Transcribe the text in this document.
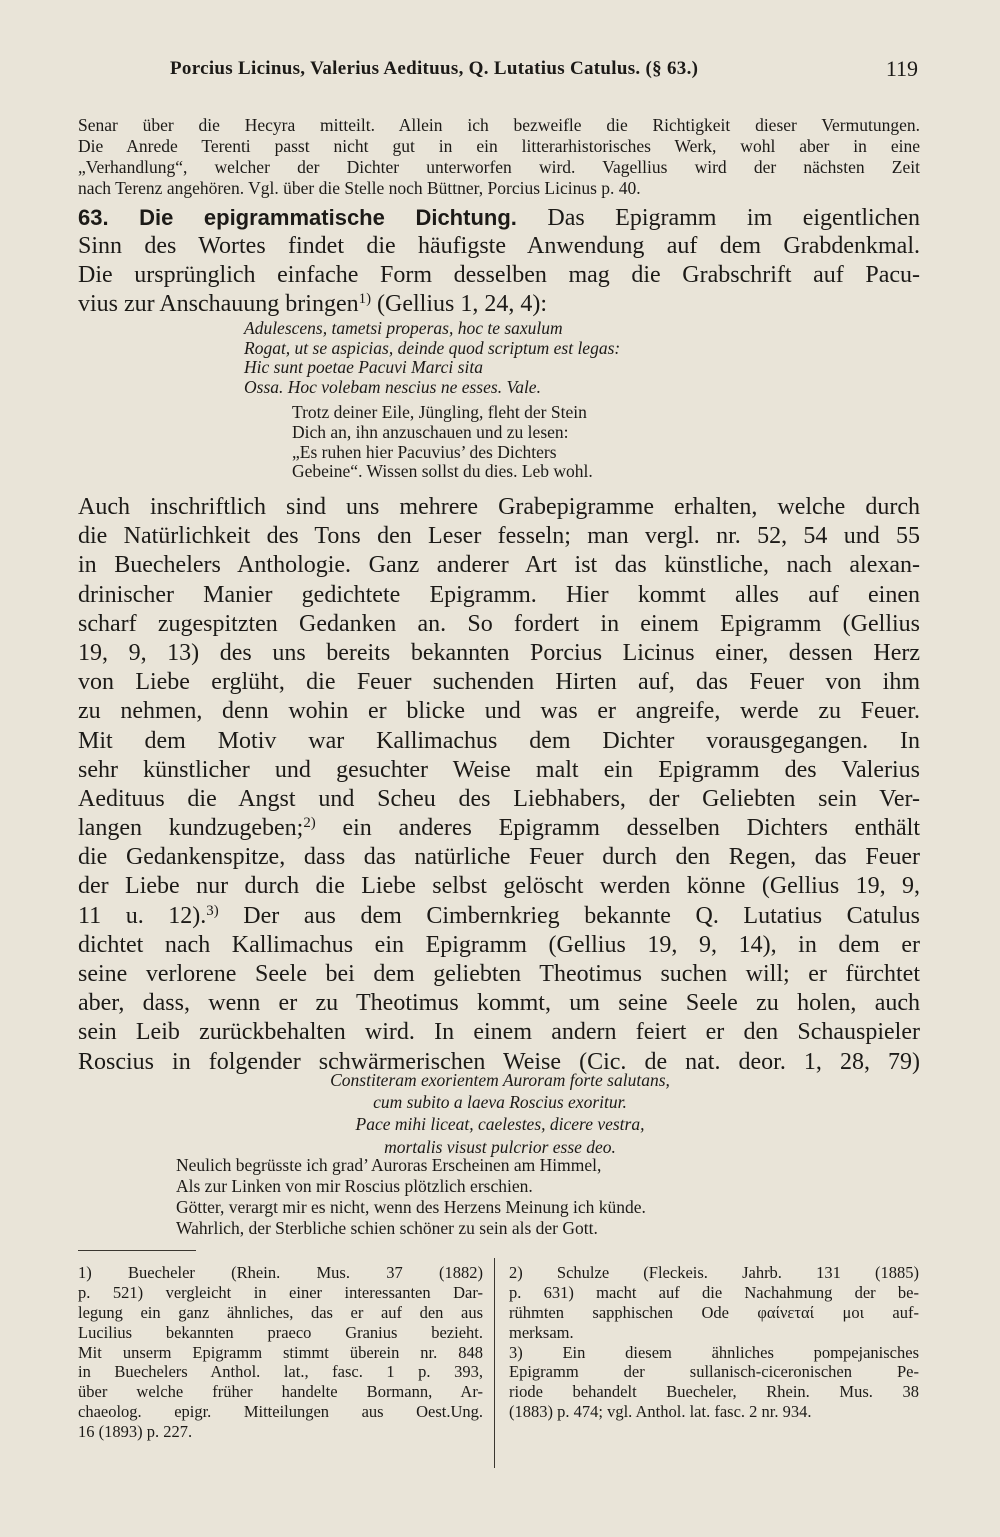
Porcius Licinus, Valerius Aedituus, Q. Lutatius Catulus. (§ 63.)	119
Senar über die Hecyra mitteilt. Allein ich bezweifle die Richtigkeit dieser Vermutungen.
Die Anrede Terenti passt nicht gut in ein litterarhistorisches Werk, wohl aber in eine
„Verhandlung“, welcher der Dichter unterworfen wird. Vagellius wird der nächsten Zeit
nach Terenz angehören. Vgl. über die Stelle noch Büttner, Porcius Licinus p. 40.
63. Die epigrammatische Dichtung. Das Epigramm im eigentlichen
Sinn des Wortes findet die häufigste Anwendung auf dem Grabdenkmal.
Die ursprünglich einfache Form desselben mag die Grabschrift auf Pacu-
vius zur Anschauung bringen$^{1)}$ (Gellius 1, 24, 4):
Adulescens, tametsi properas, hoc te saxulum
Rogat, ut se aspicias, deinde quod scriptum est legas:
Hic sunt poetae Pacuvi Marci sita
Ossa. Hoc volebam nescius ne esses. Vale.
Trotz deiner Eile, Jüngling, fleht der Stein
Dich an, ihn anzuschauen und zu lesen:
„Es ruhen hier Pacuvius’ des Dichters
Gebeine“. Wissen sollst du dies. Leb wohl.
Auch inschriftlich sind uns mehrere Grabepigramme erhalten, welche durch
die Natürlichkeit des Tons den Leser fesseln; man vergl. nr. 52, 54 und 55
in Buechelers Anthologie. Ganz anderer Art ist das künstliche, nach alexan-
drinischer Manier gedichtete Epigramm. Hier kommt alles auf einen
scharf zugespitzten Gedanken an. So fordert in einem Epigramm (Gellius
19, 9, 13) des uns bereits bekannten Porcius Licinus einer, dessen Herz
von Liebe erglüht, die Feuer suchenden Hirten auf, das Feuer von ihm
zu nehmen, denn wohin er blicke und was er angreife, werde zu Feuer.
Mit dem Motiv war Kallimachus dem Dichter vorausgegangen. In
sehr künstlicher und gesuchter Weise malt ein Epigramm des Valerius
Aedituus die Angst und Scheu des Liebhabers, der Geliebten sein Ver-
langen kundzugeben;$^{2)}$ ein anderes Epigramm desselben Dichters enthält
die Gedankenspitze, dass das natürliche Feuer durch den Regen, das Feuer
der Liebe nur durch die Liebe selbst gelöscht werden könne (Gellius 19, 9,
11 u. 12).$^{3)}$ Der aus dem Cimbernkrieg bekannte Q. Lutatius Catulus
dichtet nach Kallimachus ein Epigramm (Gellius 19, 9, 14), in dem er
seine verlorene Seele bei dem geliebten Theotimus suchen will; er fürchtet
aber, dass, wenn er zu Theotimus kommt, um seine Seele zu holen, auch
sein Leib zurückbehalten wird. In einem andern feiert er den Schauspieler
Roscius in folgender schwärmerischen Weise (Cic. de nat. deor. 1, 28, 79)
Constiteram exorientem Auroram forte salutans,
cum subito a laeva Roscius exoritur.
Pace mihi liceat, caelestes, dicere vestra,
mortalis visust pulcrior esse deo.
Neulich begrüsste ich grad’ Auroras Erscheinen am Himmel,
Als zur Linken von mir Roscius plötzlich erschien.
Götter, verargt mir es nicht, wenn des Herzens Meinung ich künde.
Wahrlich, der Sterbliche schien schöner zu sein als der Gott.
1) Buecheler (Rhein. Mus. 37 (1882)
p. 521) vergleicht in einer interessanten Dar-
legung ein ganz ähnliches, das er auf den aus
Lucilius bekannten praeco Granius bezieht.
Mit unserm Epigramm stimmt überein nr. 848
in Buechelers Anthol. lat., fasc. 1 p. 393,
über welche früher handelte Bormann, Ar-
chaeolog. epigr. Mitteilungen aus Oest.Ung.
16 (1893) p. 227.
2) Schulze (Fleckeis. Jahrb. 131 (1885)
p. 631) macht auf die Nachahmung der be-
rühmten sapphischen Ode φαίνεταί μοι auf-
merksam.
3) Ein diesem ähnliches pompejanisches
Epigramm der sullanisch-ciceronischen Pe-
riode behandelt Buecheler, Rhein. Mus. 38
(1883) p. 474; vgl. Anthol. lat. fasc. 2 nr. 934.
